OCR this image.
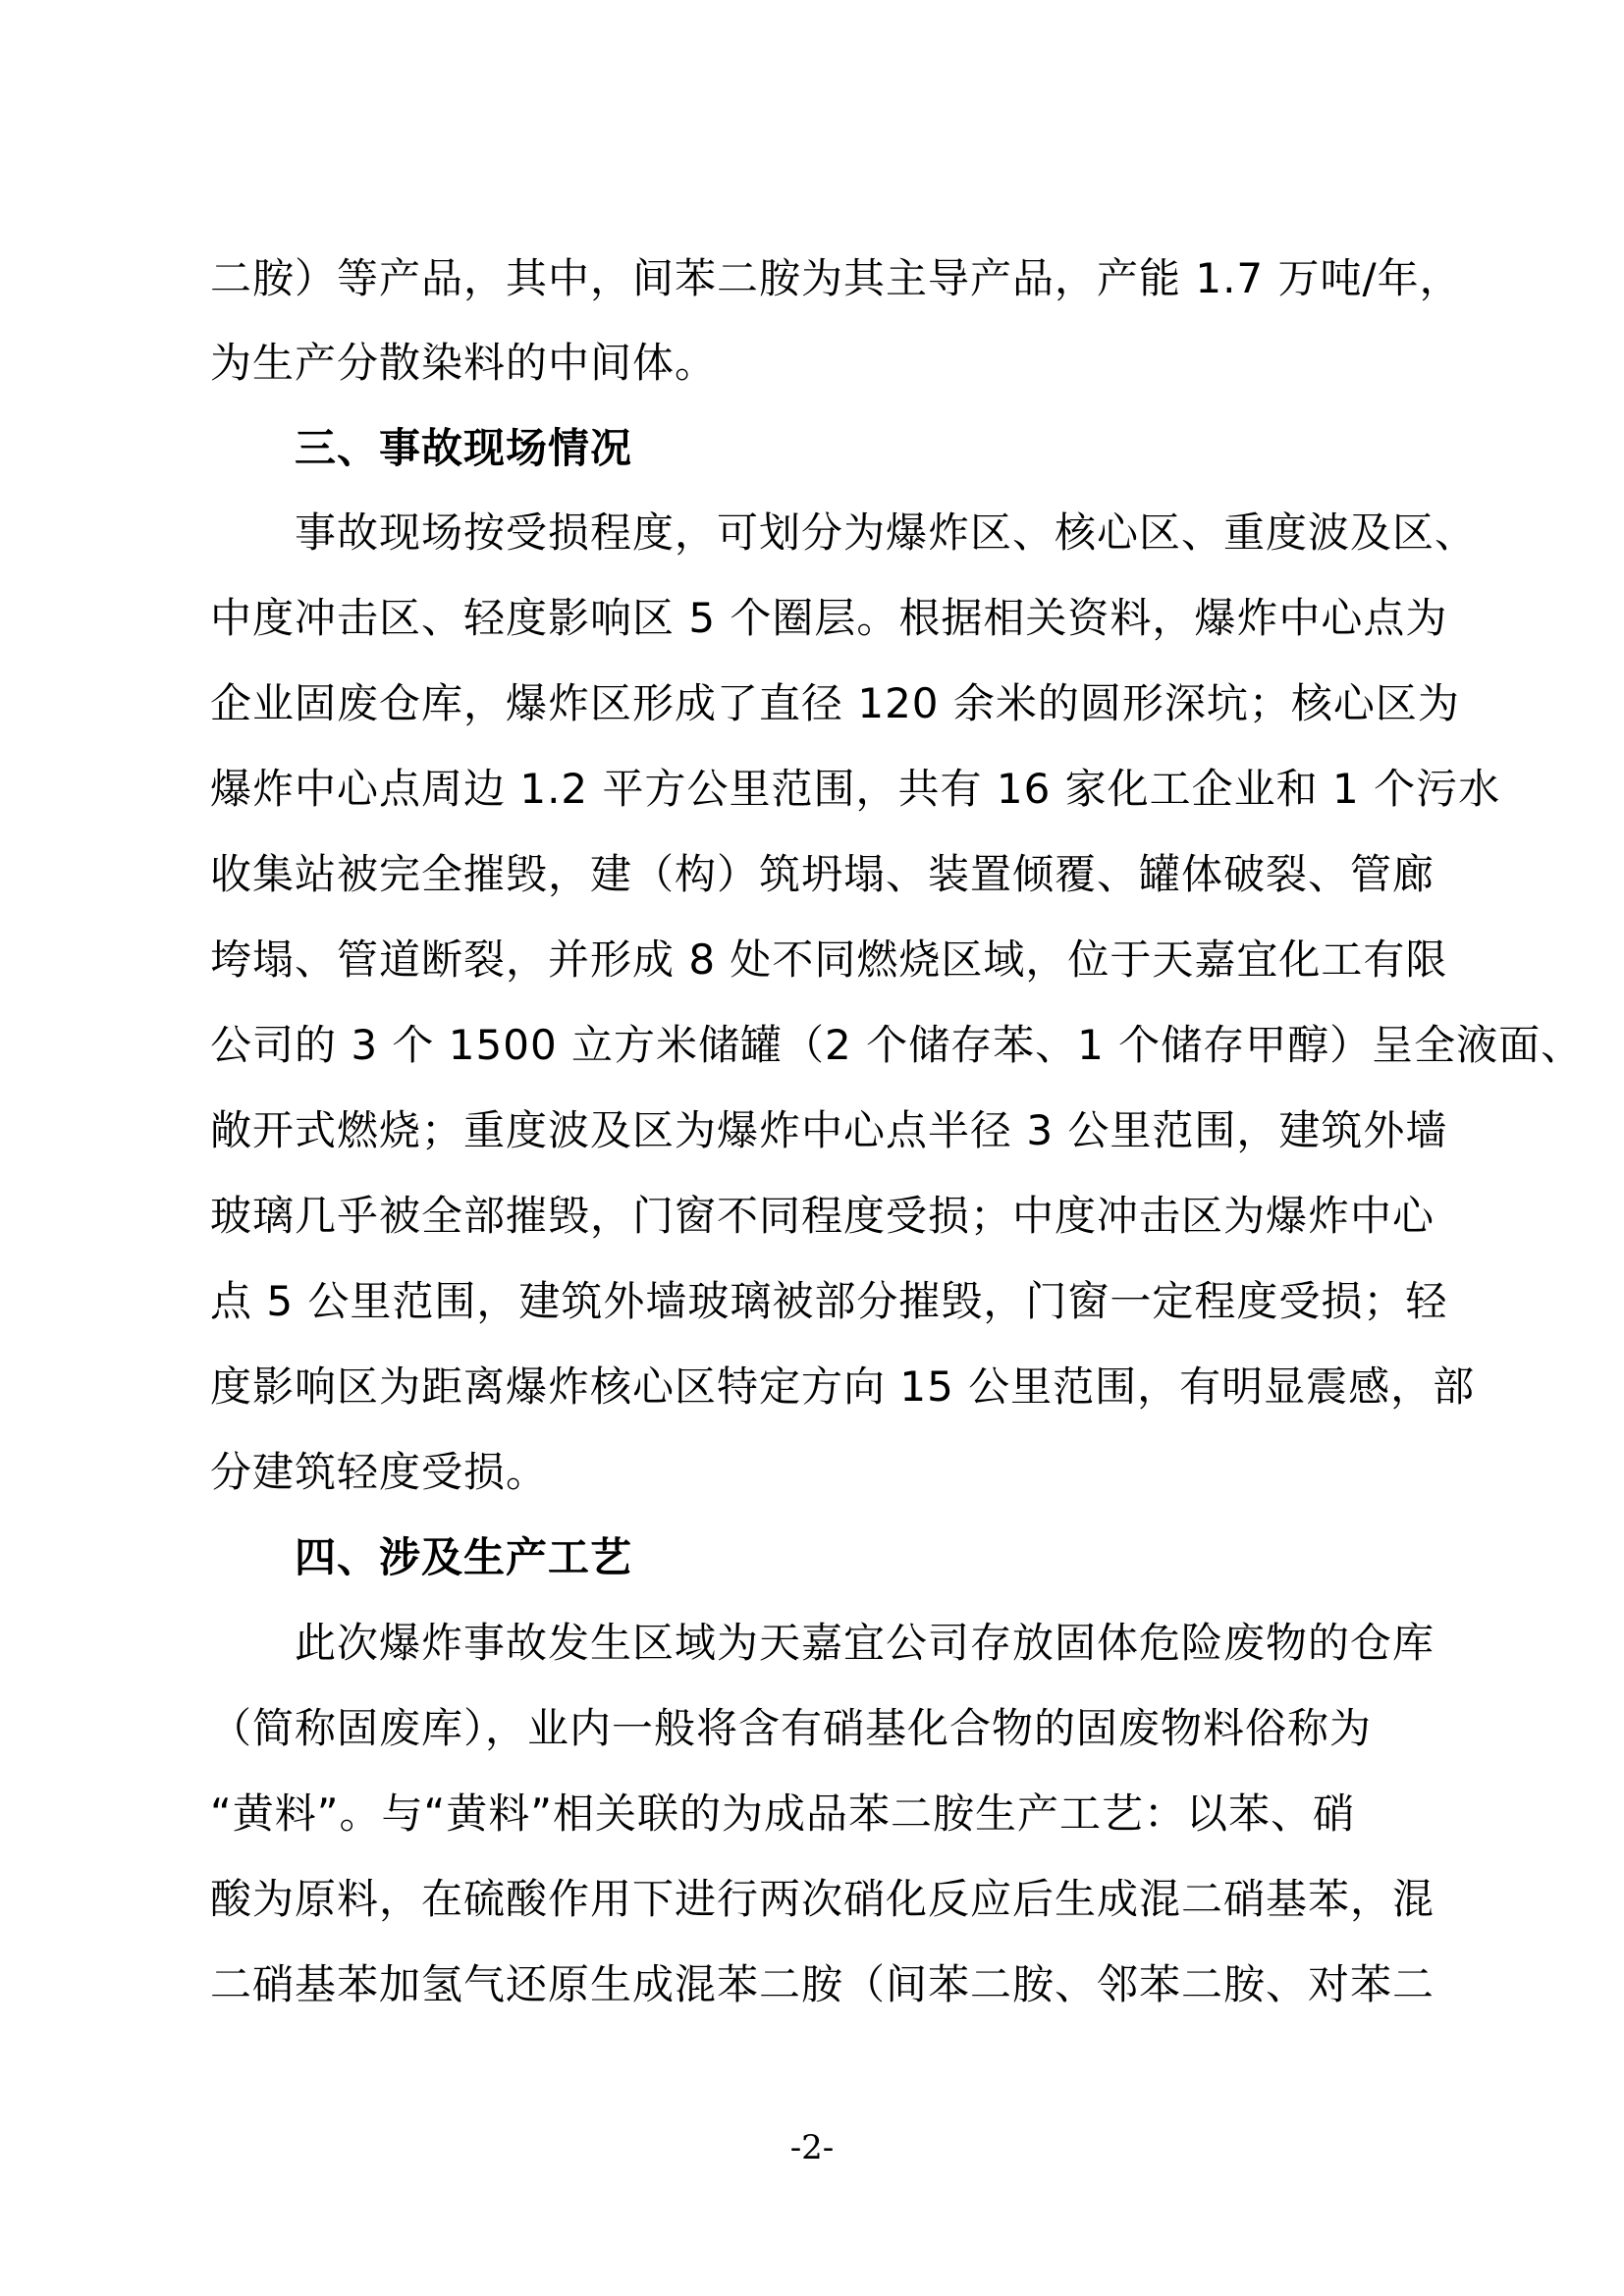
二胺）等产品，其中，间苯二胺为其主导产品，产能 1.7 万吨/年，
为生产分散染料的中间体。
三、事故现场情况
事故现场按受损程度，可划分为爆炸区、核心区、重度波及区、
中度冲击区、轻度影响区 5 个圈层。根据相关资料，爆炸中心点为
企业固废仓库，爆炸区形成了直径 120 余米的圆形深坑；核心区为
爆炸中心点周边 1.2 平方公里范围，共有 16 家化工企业和 1 个污水
收集站被完全摧毁，建（构）筑坍塌、装置倾覆、罐体破裂、管廊
垮塌、管道断裂，并形成 8 处不同燃烧区域，位于天嘉宜化工有限
公司的 3 个 1500 立方米储罐（2 个储存苯、1 个储存甲醇）呈全液面、
敞开式燃烧；重度波及区为爆炸中心点半径 3 公里范围，建筑外墙
玻璃几乎被全部摧毁，门窗不同程度受损；中度冲击区为爆炸中心
点 5 公里范围，建筑外墙玻璃被部分摧毁，门窗一定程度受损；轻
度影响区为距离爆炸核心区特定方向 15 公里范围，有明显震感，部
分建筑轻度受损。
四、涉及生产工艺
此次爆炸事故发生区域为天嘉宜公司存放固体危险废物的仓库
（简称固废库），业内一般将含有硝基化合物的固废物料俗称为
“黄料”。与“黄料”相关联的为成品苯二胺生产工艺：以苯、硝
酸为原料，在硫酸作用下进行两次硝化反应后生成混二硝基苯，混
二硝基苯加氢气还原生成混苯二胺（间苯二胺、邻苯二胺、对苯二
-2-
